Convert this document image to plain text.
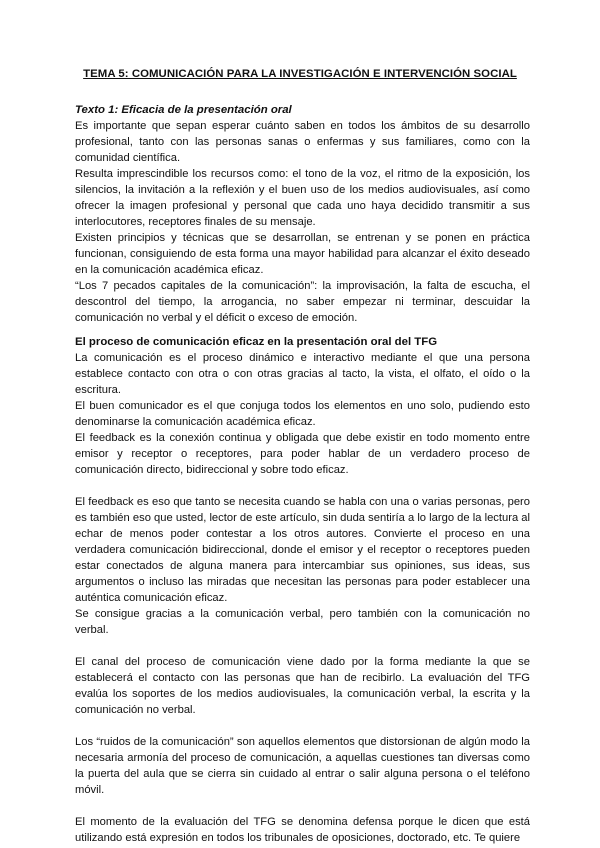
TEMA 5: COMUNICACIÓN PARA LA INVESTIGACIÓN E INTERVENCIÓN SOCIAL
Texto 1: Eficacia de la presentación oral

Es importante que sepan esperar cuánto saben en todos los ámbitos de su desarrollo profesional, tanto con las personas sanas o enfermas y sus familiares, como con la comunidad científica.

Resulta imprescindible los recursos como: el tono de la voz, el ritmo de la exposición, los silencios, la invitación a la reflexión y el buen uso de los medios audiovisuales, así como ofrecer la imagen profesional y personal que cada uno haya decidido transmitir a sus interlocutores, receptores finales de su mensaje.

Existen principios y técnicas que se desarrollan, se entrenan y se ponen en práctica funcionan, consiguiendo de esta forma una mayor habilidad para alcanzar el éxito deseado en la comunicación académica eficaz.

“Los 7 pecados capitales de la comunicación”: la improvisación, la falta de escucha, el descontrol del tiempo, la arrogancia, no saber empezar ni terminar, descuidar la comunicación no verbal y el déficit o exceso de emoción.

El proceso de comunicación eficaz en la presentación oral del TFG

La comunicación es el proceso dinámico e interactivo mediante el que una persona establece contacto con otra o con otras gracias al tacto, la vista, el olfato, el oído o la escritura.

El buen comunicador es el que conjuga todos los elementos en uno solo, pudiendo esto denominarse la comunicación académica eficaz.

El feedback es la conexión continua y obligada que debe existir en todo momento entre emisor y receptor o receptores, para poder hablar de un verdadero proceso de comunicación directo, bidireccional y sobre todo eficaz.

El feedback es eso que tanto se necesita cuando se habla con una o varias personas, pero es también eso que usted, lector de este artículo, sin duda sentiría a lo largo de la lectura al echar de menos poder contestar a los otros autores. Convierte el proceso en una verdadera comunicación bidireccional, donde el emisor y el receptor o receptores pueden estar conectados de alguna manera para intercambiar sus opiniones, sus ideas, sus argumentos o incluso las miradas que necesitan las personas para poder establecer una auténtica comunicación eficaz.

Se consigue gracias a la comunicación verbal, pero también con la comunicación no verbal.

El canal del proceso de comunicación viene dado por la forma mediante la que se establecerá el contacto con las personas que han de recibirlo. La evaluación del TFG evalúa los soportes de los medios audiovisuales, la comunicación verbal, la escrita y la comunicación no verbal.

Los “ruidos de la comunicación” son aquellos elementos que distorsionan de algún modo la necesaria armonía del proceso de comunicación, a aquellas cuestiones tan diversas como la puerta del aula que se cierra sin cuidado al entrar o salir alguna persona o el teléfono móvil.

El momento de la evaluación del TFG se denomina defensa porque le dicen que está utilizando está expresión en todos los tribunales de oposiciones, doctorado, etc. Te quiere
